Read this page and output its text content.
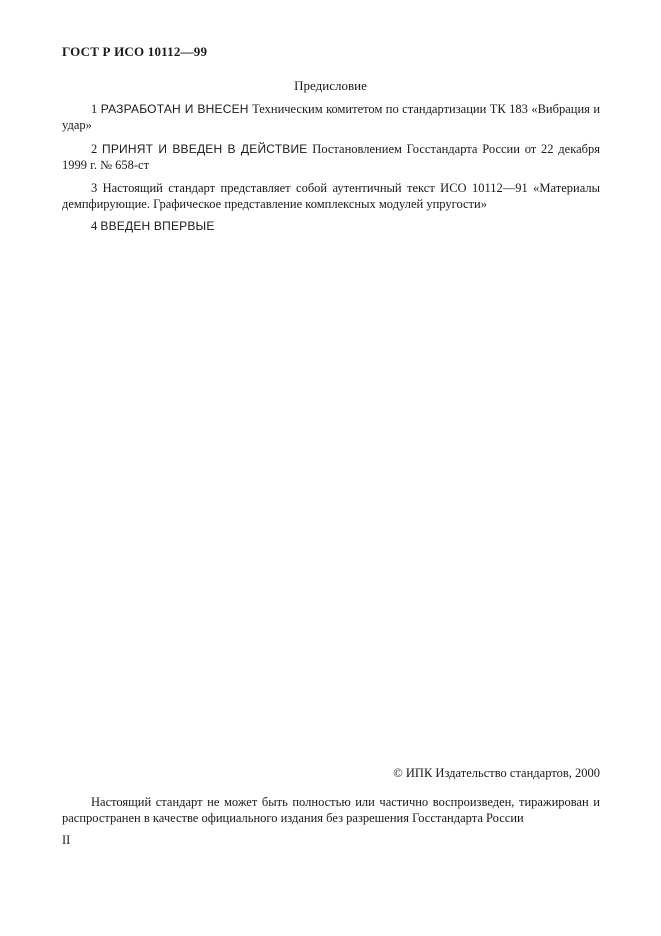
ГОСТ Р ИСО 10112—99
Предисловие
1 РАЗРАБОТАН И ВНЕСЕН Техническим комитетом по стандартизации ТК 183 «Вибрация и удар»
2 ПРИНЯТ И ВВЕДЕН В ДЕЙСТВИЕ Постановлением Госстандарта России от 22 декабря 1999 г. № 658-ст
3 Настоящий стандарт представляет собой аутентичный текст ИСО 10112—91 «Материалы демпфирующие. Графическое представление комплексных модулей упругости»
4 ВВЕДЕН ВПЕРВЫЕ
© ИПК Издательство стандартов, 2000
Настоящий стандарт не может быть полностью или частично воспроизведен, тиражирован и распространен в качестве официального издания без разрешения Госстандарта России
II
